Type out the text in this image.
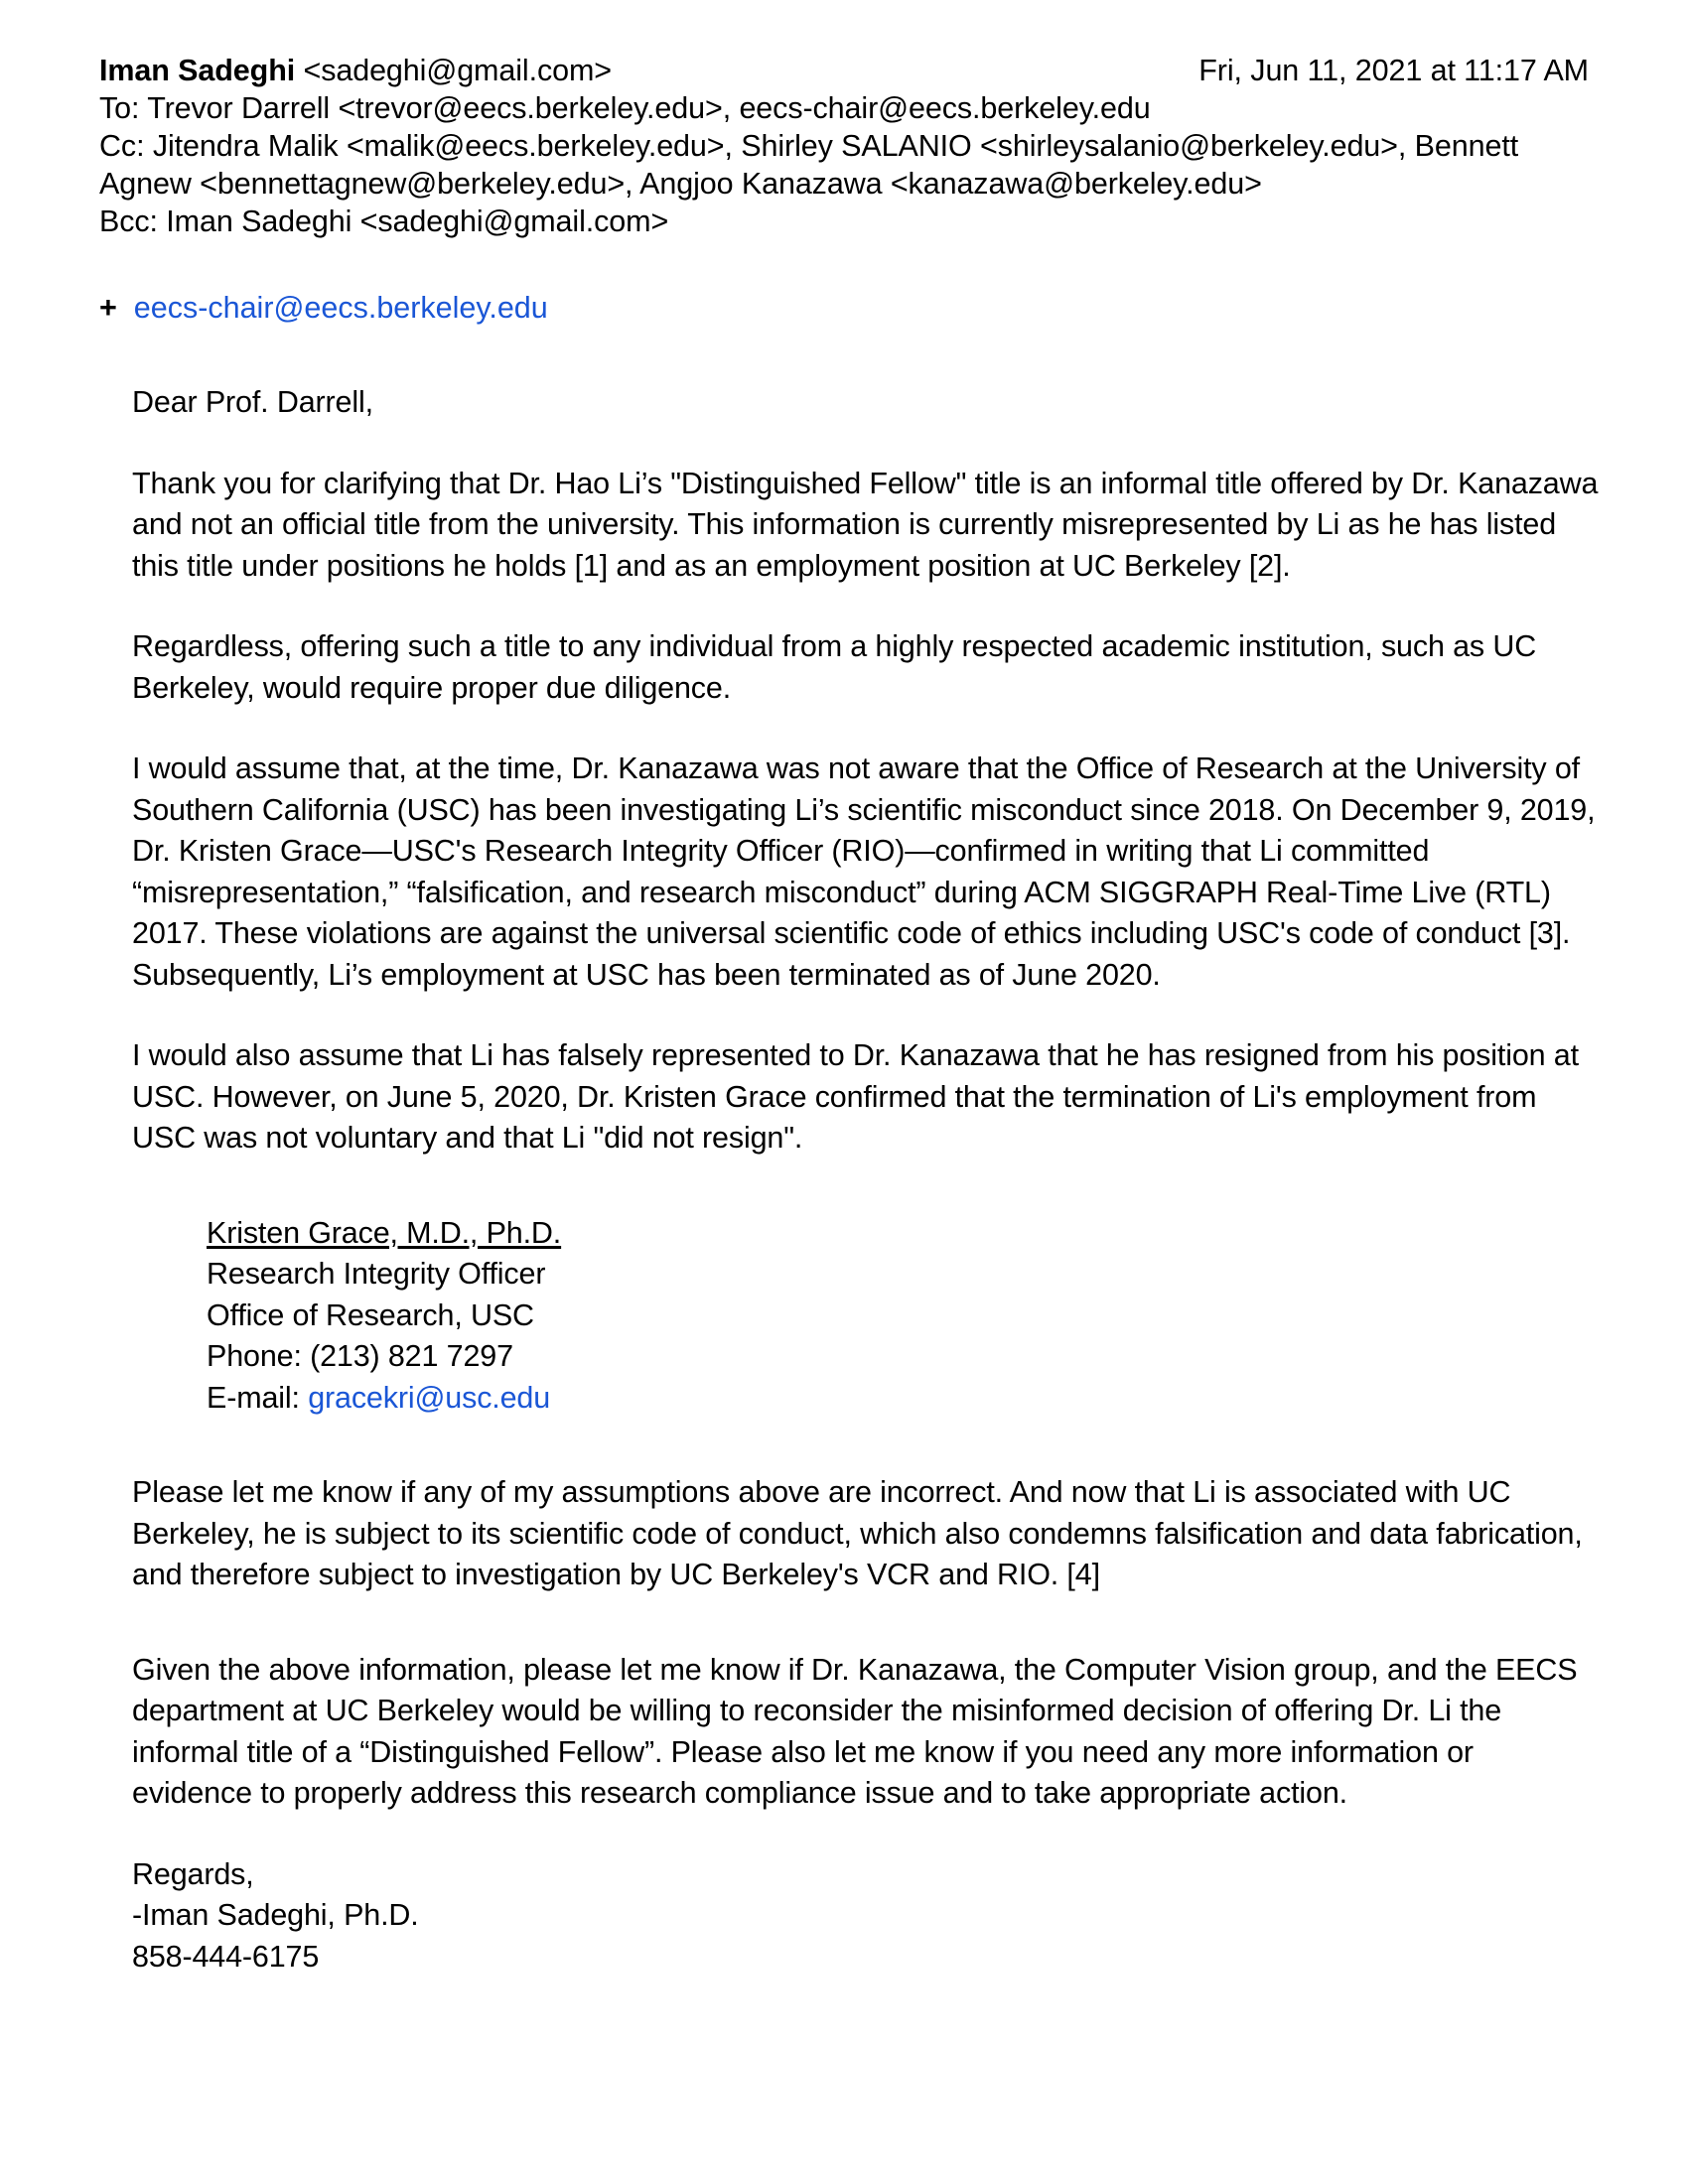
Iman Sadeghi <sadeghi@gmail.com>	Fri, Jun 11, 2021 at 11:17 AM
To: Trevor Darrell <trevor@eecs.berkeley.edu>, eecs-chair@eecs.berkeley.edu
Cc: Jitendra Malik <malik@eecs.berkeley.edu>, Shirley SALANIO <shirleysalanio@berkeley.edu>, Bennett Agnew <bennettagnew@berkeley.edu>, Angjoo Kanazawa <kanazawa@berkeley.edu>
Bcc: Iman Sadeghi <sadeghi@gmail.com>
+ eecs-chair@eecs.berkeley.edu

Dear Prof. Darrell,

Thank you for clarifying that Dr. Hao Li’s "Distinguished Fellow" title is an informal title offered by Dr. Kanazawa and not an official title from the university. This information is currently misrepresented by Li as he has listed this title under positions he holds [1] and as an employment position at UC Berkeley [2].

Regardless, offering such a title to any individual from a highly respected academic institution, such as UC Berkeley, would require proper due diligence.

I would assume that, at the time, Dr. Kanazawa was not aware that the Office of Research at the University of Southern California (USC) has been investigating Li’s scientific misconduct since 2018. On December 9, 2019, Dr. Kristen Grace—USC's Research Integrity Officer (RIO)—confirmed in writing that Li committed “misrepresentation,” “falsification, and research misconduct” during ACM SIGGRAPH Real-Time Live (RTL) 2017. These violations are against the universal scientific code of ethics including USC's code of conduct [3]. Subsequently, Li’s employment at USC has been terminated as of June 2020.

I would also assume that Li has falsely represented to Dr. Kanazawa that he has resigned from his position at USC. However, on June 5, 2020, Dr. Kristen Grace confirmed that the termination of Li's employment from USC was not voluntary and that Li "did not resign".

Kristen Grace, M.D., Ph.D.
Research Integrity Officer
Office of Research, USC
Phone: (213) 821 7297
E-mail: gracekri@usc.edu

Please let me know if any of my assumptions above are incorrect. And now that Li is associated with UC Berkeley, he is subject to its scientific code of conduct, which also condemns falsification and data fabrication, and therefore subject to investigation by UC Berkeley's VCR and RIO. [4]

Given the above information, please let me know if Dr. Kanazawa, the Computer Vision group, and the EECS department at UC Berkeley would be willing to reconsider the misinformed decision of offering Dr. Li the informal title of a “Distinguished Fellow”. Please also let me know if you need any more information or evidence to properly address this research compliance issue and to take appropriate action.

Regards,
-Iman Sadeghi, Ph.D.
858-444-6175
